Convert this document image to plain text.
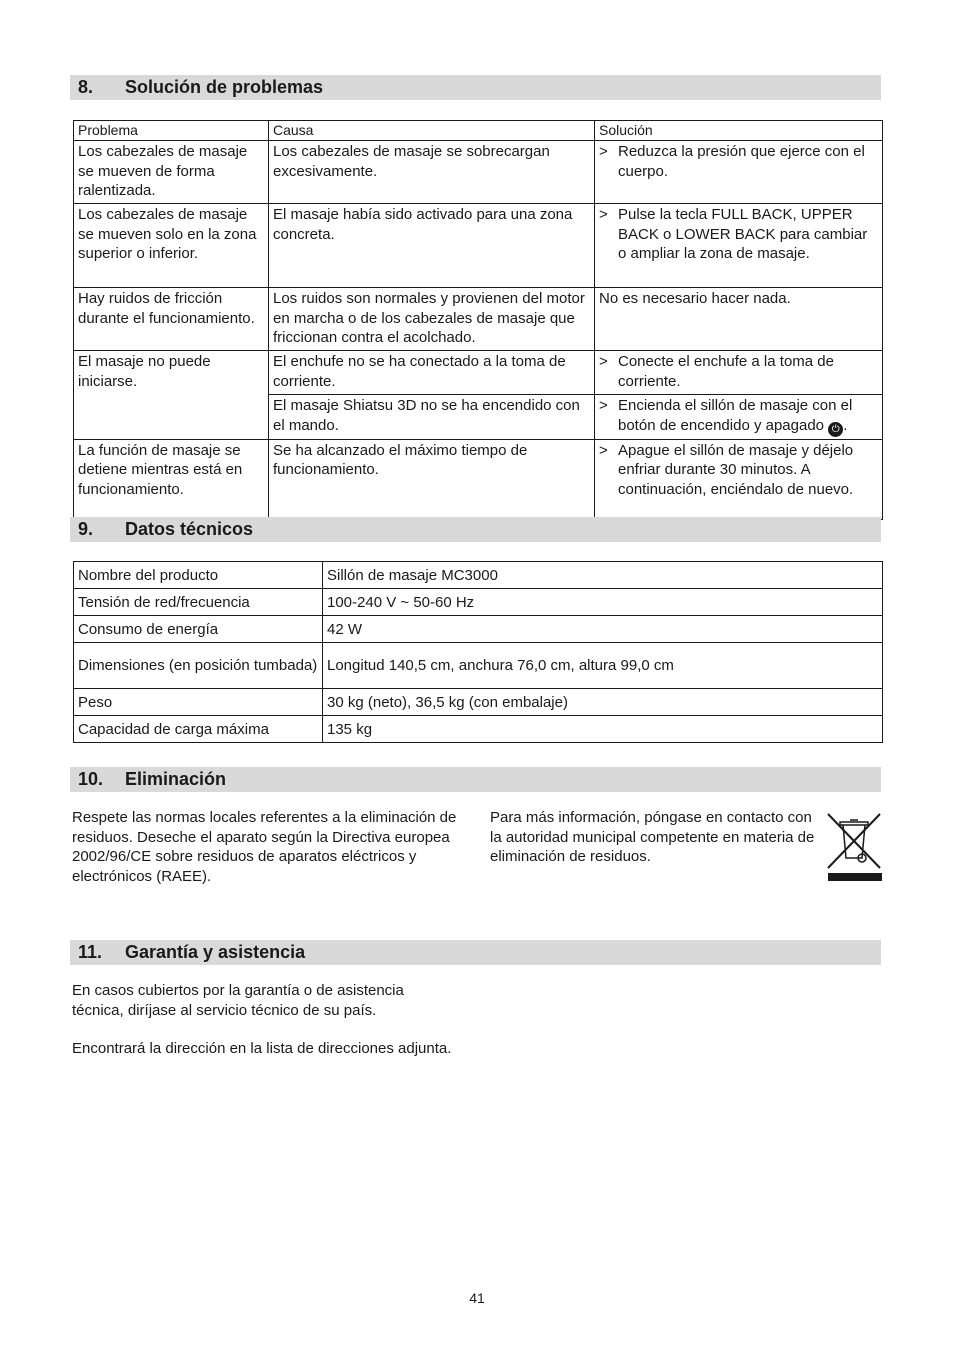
8. Solución de problemas
Problema	Causa	Solución
Los cabezales de masaje se mueven de forma ralentizada.	Los cabezales de masaje se sobrecargan excesivamente.	> Reduzca la presión que ejerce con el cuerpo.

Los cabezales de masaje se mueven solo en la zona superior o inferior.	El masaje había sido activado para una zona concreta.	> Pulse la tecla FULL BACK, UPPER BACK o LOWER BACK para cambiar o ampliar la zona de masaje.

Hay ruidos de fricción durante el funcionamiento.	Los ruidos son normales y provienen del motor en marcha o de los cabezales de masaje que friccionan contra el acolchado.	No es necesario hacer nada.
El masaje no puede iniciarse.	El enchufe no se ha conectado a la toma de corriente.	> Conecte el enchufe a la toma de corriente.

	El masaje Shiatsu 3D no se ha encendido con el mando.	> Encienda el sillón de masaje con el botón de encendido y apagado ⏻ .

La función de masaje se detiene mientras está en funcionamiento.	Se ha alcanzado el máximo tiempo de funcionamiento.	> Apague el sillón de masaje y déjelo enfriar durante 30 minutos. A continuación, enciéndalo de nuevo.
9. Datos técnicos
Nombre del producto	Sillón de masaje MC3000
Tensión de red/frecuencia	100-240 V ~ 50-60 Hz
Consumo de energía	42 W
Dimensiones (en posición tumbada)	Longitud 140,5 cm, anchura 76,0 cm, altura 99,0 cm
Peso	30 kg (neto), 36,5 kg (con embalaje)
Capacidad de carga máxima	135 kg
10. Eliminación
Respete las normas locales referentes a la eliminación de residuos. Deseche el aparato según la Directiva europea 2002/96/CE sobre residuos de aparatos eléctricos y electrónicos (RAEE).
Para más información, póngase en contacto con la autoridad municipal competente en materia de eliminación de residuos.
11. Garantía y asistencia
En casos cubiertos por la garantía o de asistencia técnica, diríjase al servicio técnico de su país.
Encontrará la dirección en la lista de direcciones adjunta.
41
